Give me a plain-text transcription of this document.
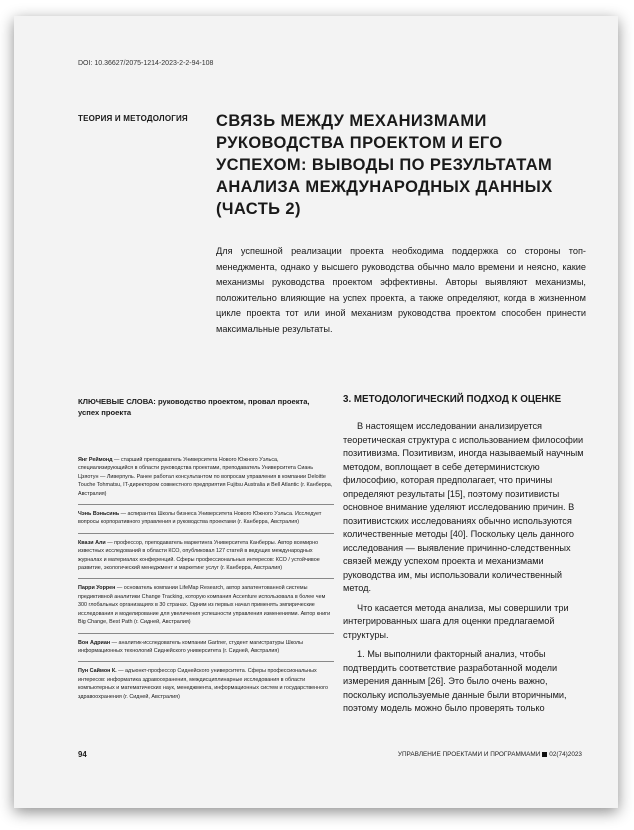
DOI: 10.36627/2075-1214-2023-2-2-94-108
ТЕОРИЯ И МЕТОДОЛОГИЯ СВЯЗЬ МЕЖДУ МЕХАНИЗМАМИ РУКОВОДСТВА ПРОЕКТОМ И ЕГО УСПЕХОМ: ВЫВОДЫ ПО РЕЗУЛЬТАТАМ АНАЛИЗА МЕЖДУНАРОДНЫХ ДАННЫХ (ЧАСТЬ 2)

Для успешной реализации проекта необходима поддержка со стороны топ-менеджмента, однако у высшего руководства обычно мало времени и неясно, какие механизмы руководства проектом эффективны. Авторы выявляют механизмы, положительно влияющие на успех проекта, а также определяют, когда в жизненном цикле проекта тот или иной механизм руководства проектом способен принести максимальные результаты.

КЛЮЧЕВЫЕ СЛОВА: руководство проектом, провал проекта, успех проекта

Янг Реймонд — старший преподаватель Университета Нового Южного Уэльса, специализирующийся в области руководства проектами, преподаватель Университета Сиань Цзяотун — Ливерпуль. Ранее работал консультантом по вопросам управления в компании Deloitte Touche Tohmatsu, IT-директором совместного предприятия Fujitsu Australia и Bell Atlantic (г. Канберра, Австралия)

Чэнь Вэньсинь — аспирантка Школы бизнеса Университета Нового Южного Уэльса. Исследует вопросы корпоративного управления и руководства проектами (г. Канберра, Австралия)

Квази Али — профессор, преподаватель маркетинга Университета Канберры. Автор всемирно известных исследований в области КСО, опубликовал 127 статей в ведущих международных журналах и материалах конференций. Сферы профессиональных интересов: КСО / устойчивое развитие, экологический менеджмент и маркетинг услуг (г. Канберра, Австралия)

Парри Уоррен — основатель компании LifeMap Research, автор запатентованной системы предиктивной аналитики Change Tracking, которую компания Accenture использовала в более чем 300 глобальных организациях в 30 странах. Одним из первых начал применять эмпирические исследования и моделирование для увеличения успешности управления изменениями. Автор книги Big Change, Best Path (г. Сидней, Австралия)

Вон Адриан — аналитик-исследователь компании Gartner, студент магистратуры Школы информационных технологий Сиднейского университета (г. Сидней, Австралия)

Пун Саймон К. — адъюнкт-профессор Сиднейского университета. Сферы профессиональных интересов: информатика здравоохранения, междисциплинарные исследования в области компьютерных и математических наук, менеджмента, информационных систем и государственного здравоохранения (г. Сидней, Австралия)

3. МЕТОДОЛОГИЧЕСКИЙ ПОДХОД К ОЦЕНКЕ

В настоящем исследовании анализируется теоретическая структура с использованием философии позитивизма. Позитивизм, иногда называемый научным методом, воплощает в себе детерминистскую философию, которая предполагает, что причины определяют результаты [15], поэтому позитивисты основное внимание уделяют исследованию причин. В позитивистских исследованиях обычно используются количественные методы [40]. Поскольку цель данного исследования — выявление причинно-следственных связей между успехом проекта и механизмами руководства им, мы использовали количественный метод.

Что касается метода анализа, мы совершили три интегрированных шага для оценки предлагаемой структуры.

1. Мы выполнили факторный анализ, чтобы подтвердить соответствие разработанной модели измерения данным [26]. Это было очень важно, поскольку используемые данные были вторичными, поэтому модель можно было проверять только

94	УПРАВЛЕНИЕ ПРОЕКТАМИ И ПРОГРАММАМИ 02(74)2023
